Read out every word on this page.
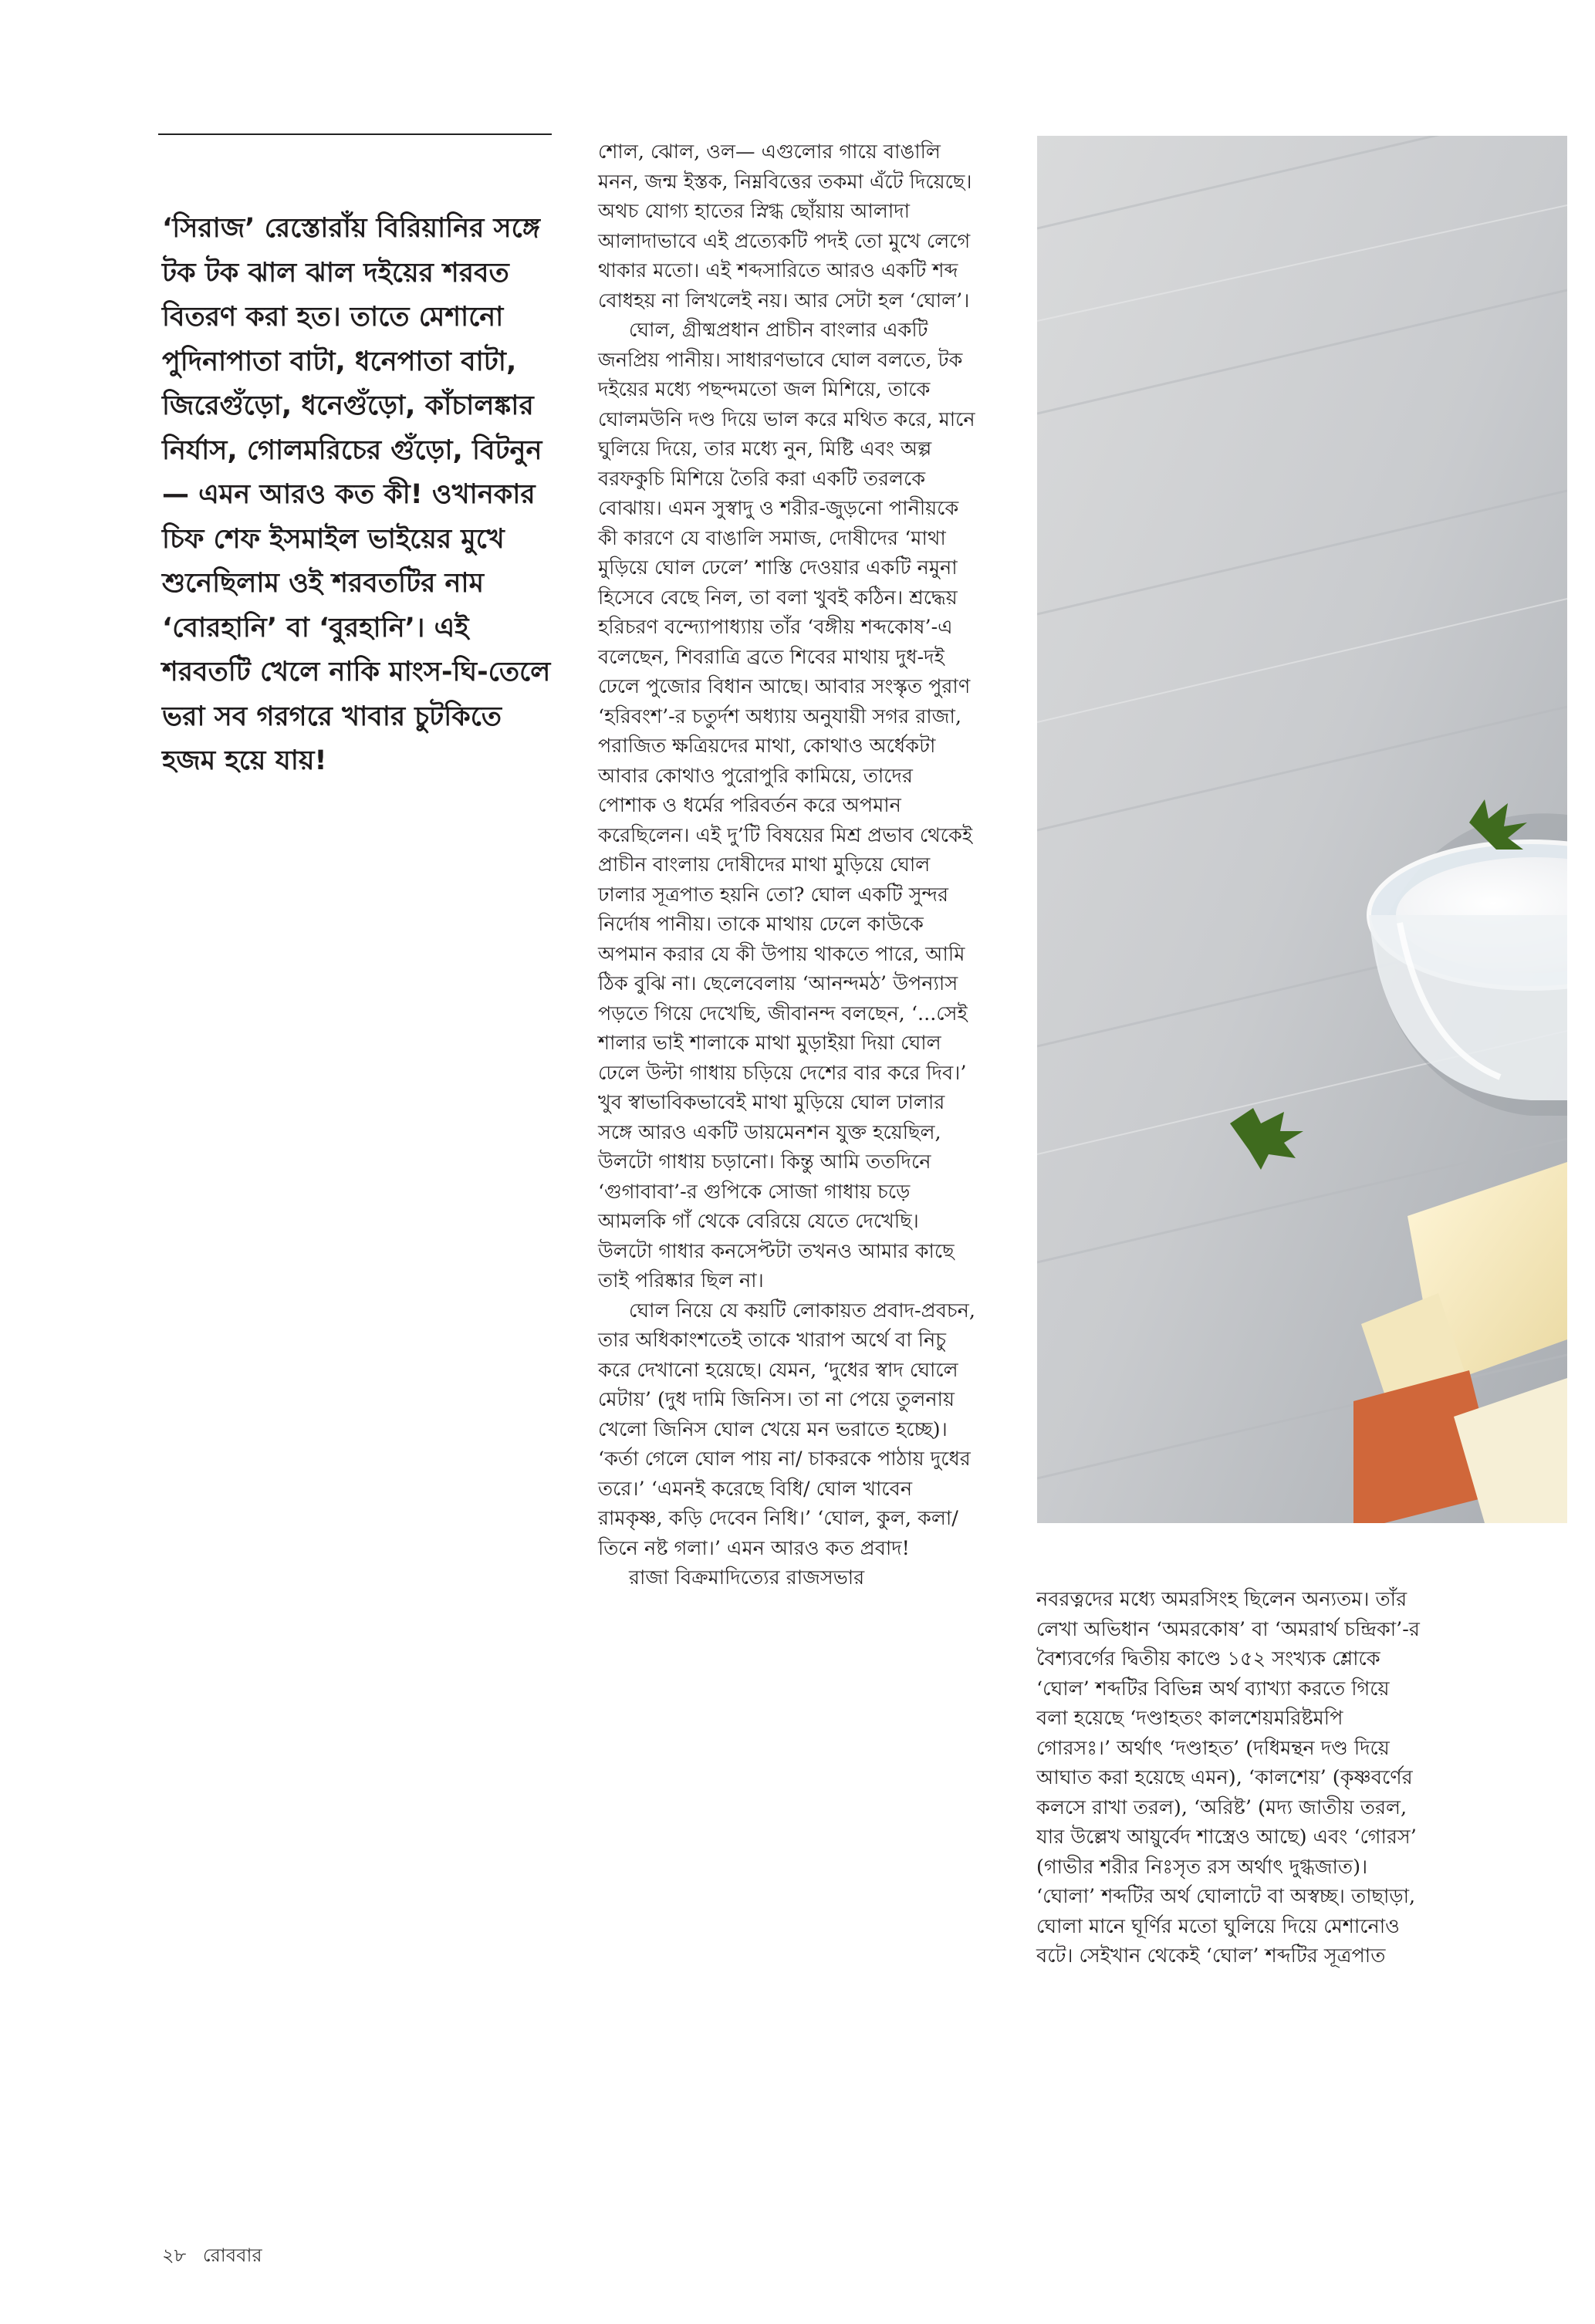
‘সিরাজ’ রেস্তোরাঁয় বিরিয়ানির সঙ্গে টক টক ঝাল ঝাল দইয়ের শরবত বিতরণ করা হত। তাতে মেশানো পুদিনাপাতা বাটা, ধনেপাতা বাটা, জিরেগুঁড়ো, ধনেগুঁড়ো, কাঁচালঙ্কার নির্যাস, গোলমরিচের গুঁড়ো, বিটনুন— এমন আরও কত কী! ওখানকার চিফ শেফ ইসমাইল ভাইয়ের মুখে শুনেছিলাম ওই শরবতটির নাম ‘বোরহানি’ বা ‘বুরহানি’। এই শরবতটি খেলে নাকি মাংস-ঘি-তেলে ভরা সব গরগরে খাবার চুটকিতে হজম হয়ে যায়!

শোল, ঝোল, ওল— এগুলোর গায়ে বাঙালি মনন, জন্ম ইস্তক, নিম্নবিত্তের তকমা এঁটে দিয়েছে। অথচ যোগ্য হাতের স্নিগ্ধ ছোঁয়ায় আলাদা আলাদাভাবে এই প্রত্যেকটি পদই তো মুখে লেগে থাকার মতো। এই শব্দসারিতে আরও একটি শব্দ বোধহয় না লিখলেই নয়। আর সেটা হল ‘ঘোল’।

ঘোল, গ্রীষ্মপ্রধান প্রাচীন বাংলার একটি জনপ্রিয় পানীয়। সাধারণভাবে ঘোল বলতে, টক দইয়ের মধ্যে পছন্দমতো জল মিশিয়ে, তাকে ঘোলমউনি দণ্ড দিয়ে ভাল করে মথিত করে, মানে ঘুলিয়ে দিয়ে, তার মধ্যে নুন, মিষ্টি এবং অল্প বরফকুচি মিশিয়ে তৈরি করা একটি তরলকে বোঝায়। এমন সুস্বাদু ও শরীর-জুড়নো পানীয়কে কী কারণে যে বাঙালি সমাজ, দোষীদের ‘মাথা মুড়িয়ে ঘোল ঢেলে’ শাস্তি দেওয়ার একটি নমুনা হিসেবে বেছে নিল, তা বলা খুবই কঠিন। শ্রদ্ধেয় হরিচরণ বন্দ্যোপাধ্যায় তাঁর ‘বঙ্গীয় শব্দকোষ’-এ বলেছেন, শিবরাত্রি ব্রতে শিবের মাথায় দুধ-দই ঢেলে পুজোর বিধান আছে। আবার সংস্কৃত পুরাণ ‘হরিবংশ’-র চতুর্দশ অধ্যায় অনুযায়ী সগর রাজা, পরাজিত ক্ষত্রিয়দের মাথা, কোথাও অর্ধেকটা আবার কোথাও পুরোপুরি কামিয়ে, তাদের পোশাক ও ধর্মের পরিবর্তন করে অপমান করেছিলেন। এই দু’টি বিষয়ের মিশ্র প্রভাব থেকেই প্রাচীন বাংলায় দোষীদের মাথা মুড়িয়ে ঘোল ঢালার সূত্রপাত হয়নি তো? ঘোল একটি সুন্দর নির্দোষ পানীয়। তাকে মাথায় ঢেলে কাউকে অপমান করার যে কী উপায় থাকতে পারে, আমি ঠিক বুঝি না। ছেলেবেলায় ‘আনন্দমঠ’ উপন্যাস পড়তে গিয়ে দেখেছি, জীবানন্দ বলছেন, ‘...সেই শালার ভাই শালাকে মাথা মুড়াইয়া দিয়া ঘোল ঢেলে উল্টা গাধায় চড়িয়ে দেশের বার করে দিব।’ খুব স্বাভাবিকভাবেই মাথা মুড়িয়ে ঘোল ঢালার সঙ্গে আরও একটি ডায়মেনশন যুক্ত হয়েছিল, উলটো গাধায় চড়ানো। কিন্তু আমি ততদিনে ‘গুগাবাবা’-র গুপিকে সোজা গাধায় চড়ে আমলকি গাঁ থেকে বেরিয়ে যেতে দেখেছি। উলটো গাধার কনসেপ্টটা তখনও আমার কাছে তাই পরিষ্কার ছিল না।

ঘোল নিয়ে যে কয়টি লোকায়ত প্রবাদ-প্রবচন, তার অধিকাংশতেই তাকে খারাপ অর্থে বা নিচু করে দেখানো হয়েছে। যেমন, ‘দুধের স্বাদ ঘোলে মেটায়’ (দুধ দামি জিনিস। তা না পেয়ে তুলনায় খেলো জিনিস ঘোল খেয়ে মন ভরাতে হচ্ছে)। ‘কর্তা গেলে ঘোল পায় না/ চাকরকে পাঠায় দুধের তরে।’ ‘এমনই করেছে বিধি/ ঘোল খাবেন রামকৃষ্ণ, কড়ি দেবেন নিধি।’ ‘ঘোল, কুল, কলা/ তিনে নষ্ট গলা।’ এমন আরও কত প্রবাদ!

রাজা বিক্রমাদিত্যের রাজসভার

নবরত্নদের মধ্যে অমরসিংহ ছিলেন অন্যতম। তাঁর লেখা অভিধান ‘অমরকোষ’ বা ‘অমরার্থ চন্দ্রিকা’-র বৈশ্যবর্গের দ্বিতীয় কাণ্ডে ১৫২ সংখ্যক শ্লোকে ‘ঘোল’ শব্দটির বিভিন্ন অর্থ ব্যাখ্যা করতে গিয়ে বলা হয়েছে ‘দণ্ডাহতং কালশেয়মরিষ্টমপি গোরসঃ।’ অর্থাৎ ‘দণ্ডাহত’ (দধিমন্থন দণ্ড দিয়ে আঘাত করা হয়েছে এমন), ‘কালশেয়’ (কৃষ্ণবর্ণের কলসে রাখা তরল), ‘অরিষ্ট’ (মদ্য জাতীয় তরল, যার উল্লেখ আয়ুর্বেদ শাস্ত্রেও আছে) এবং ‘গোরস’ (গাভীর শরীর নিঃসৃত রস অর্থাৎ দুগ্ধজাত)। ‘ঘোলা’ শব্দটির অর্থ ঘোলাটে বা অস্বচ্ছ। তাছাড়া, ঘোলা মানে ঘূর্ণির মতো ঘুলিয়ে দিয়ে মেশানোও বটে। সেইখান থেকেই ‘ঘোল’ শব্দটির সূত্রপাত

২৮ রোববার
